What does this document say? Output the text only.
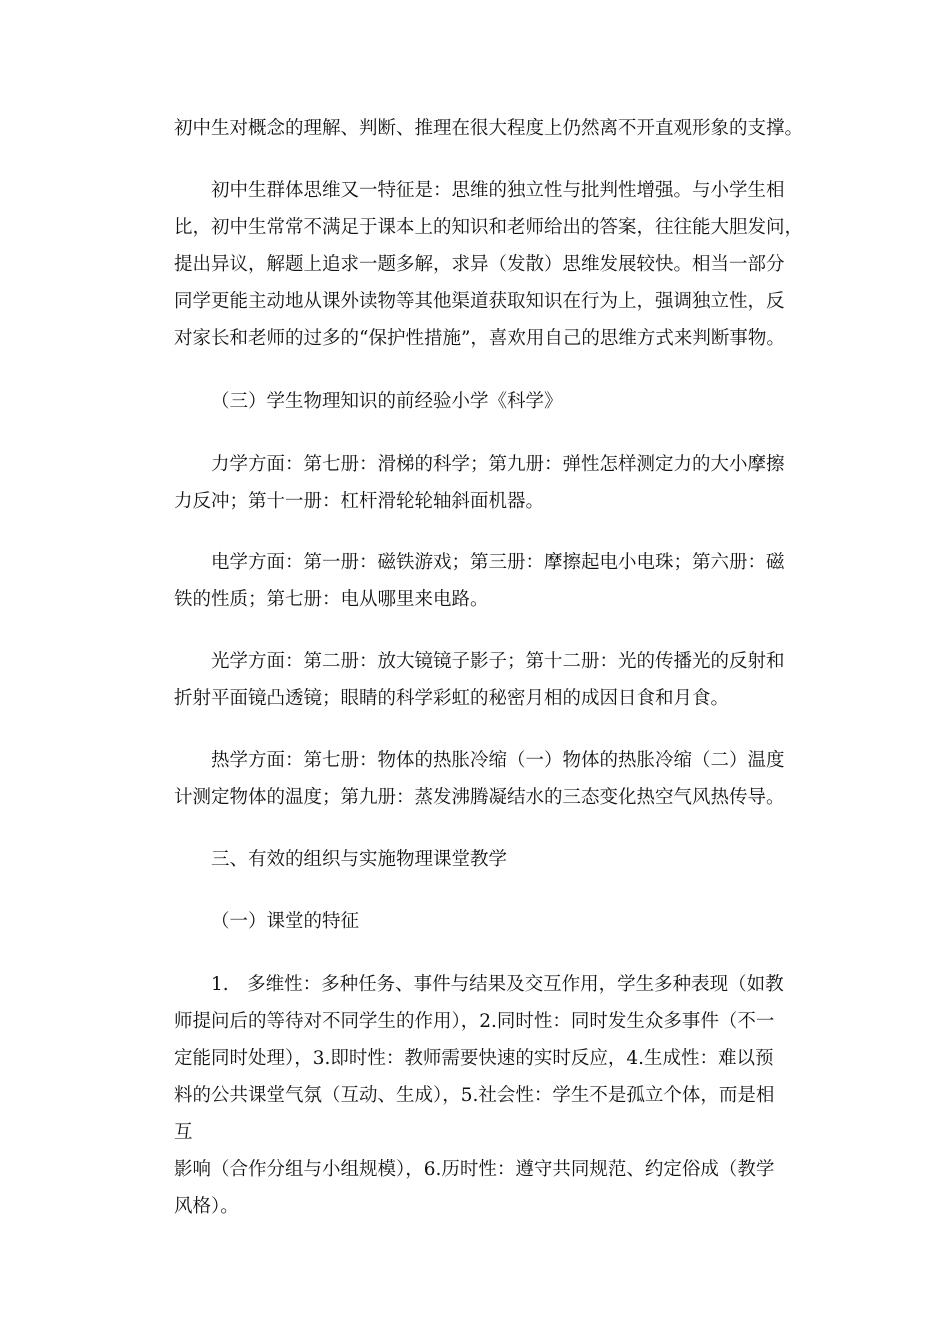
初中生对概念的理解、判断、推理在很大程度上仍然离不开直观形象的支撑。

初中生群体思维又一特征是：思维的独立性与批判性增强。与小学生相
比，初中生常常不满足于课本上的知识和老师给出的答案，往往能大胆发问，
提出异议，解题上追求一题多解，求异（发散）思维发展较快。相当一部分
同学更能主动地从课外读物等其他渠道获取知识在行为上，强调独立性，反
对家长和老师的过多的“保护性措施”，喜欢用自己的思维方式来判断事物。

（三）学生物理知识的前经验小学《科学》

力学方面：第七册：滑梯的科学；第九册：弹性怎样测定力的大小摩擦
力反冲；第十一册：杠杆滑轮轮轴斜面机器。

电学方面：第一册：磁铁游戏；第三册：摩擦起电小电珠；第六册：磁
铁的性质；第七册：电从哪里来电路。

光学方面：第二册：放大镜镜子影子；第十二册：光的传播光的反射和
折射平面镜凸透镜；眼睛的科学彩虹的秘密月相的成因日食和月食。

热学方面：第七册：物体的热胀冷缩（一）物体的热胀冷缩（二）温度
计测定物体的温度；第九册：蒸发沸腾凝结水的三态变化热空气风热传导。

三、有效的组织与实施物理课堂教学

（一）课堂的特征

1.　多维性：多种任务、事件与结果及交互作用，学生多种表现（如教
师提问后的等待对不同学生的作用），2.同时性：同时发生众多事件（不一
定能同时处理），3.即时性：教师需要快速的实时反应，4.生成性：难以预
料的公共课堂气氛（互动、生成），5.社会性：学生不是孤立个体，而是相
互
影响（合作分组与小组规模），6.历时性：遵守共同规范、约定俗成（教学
风格）。
